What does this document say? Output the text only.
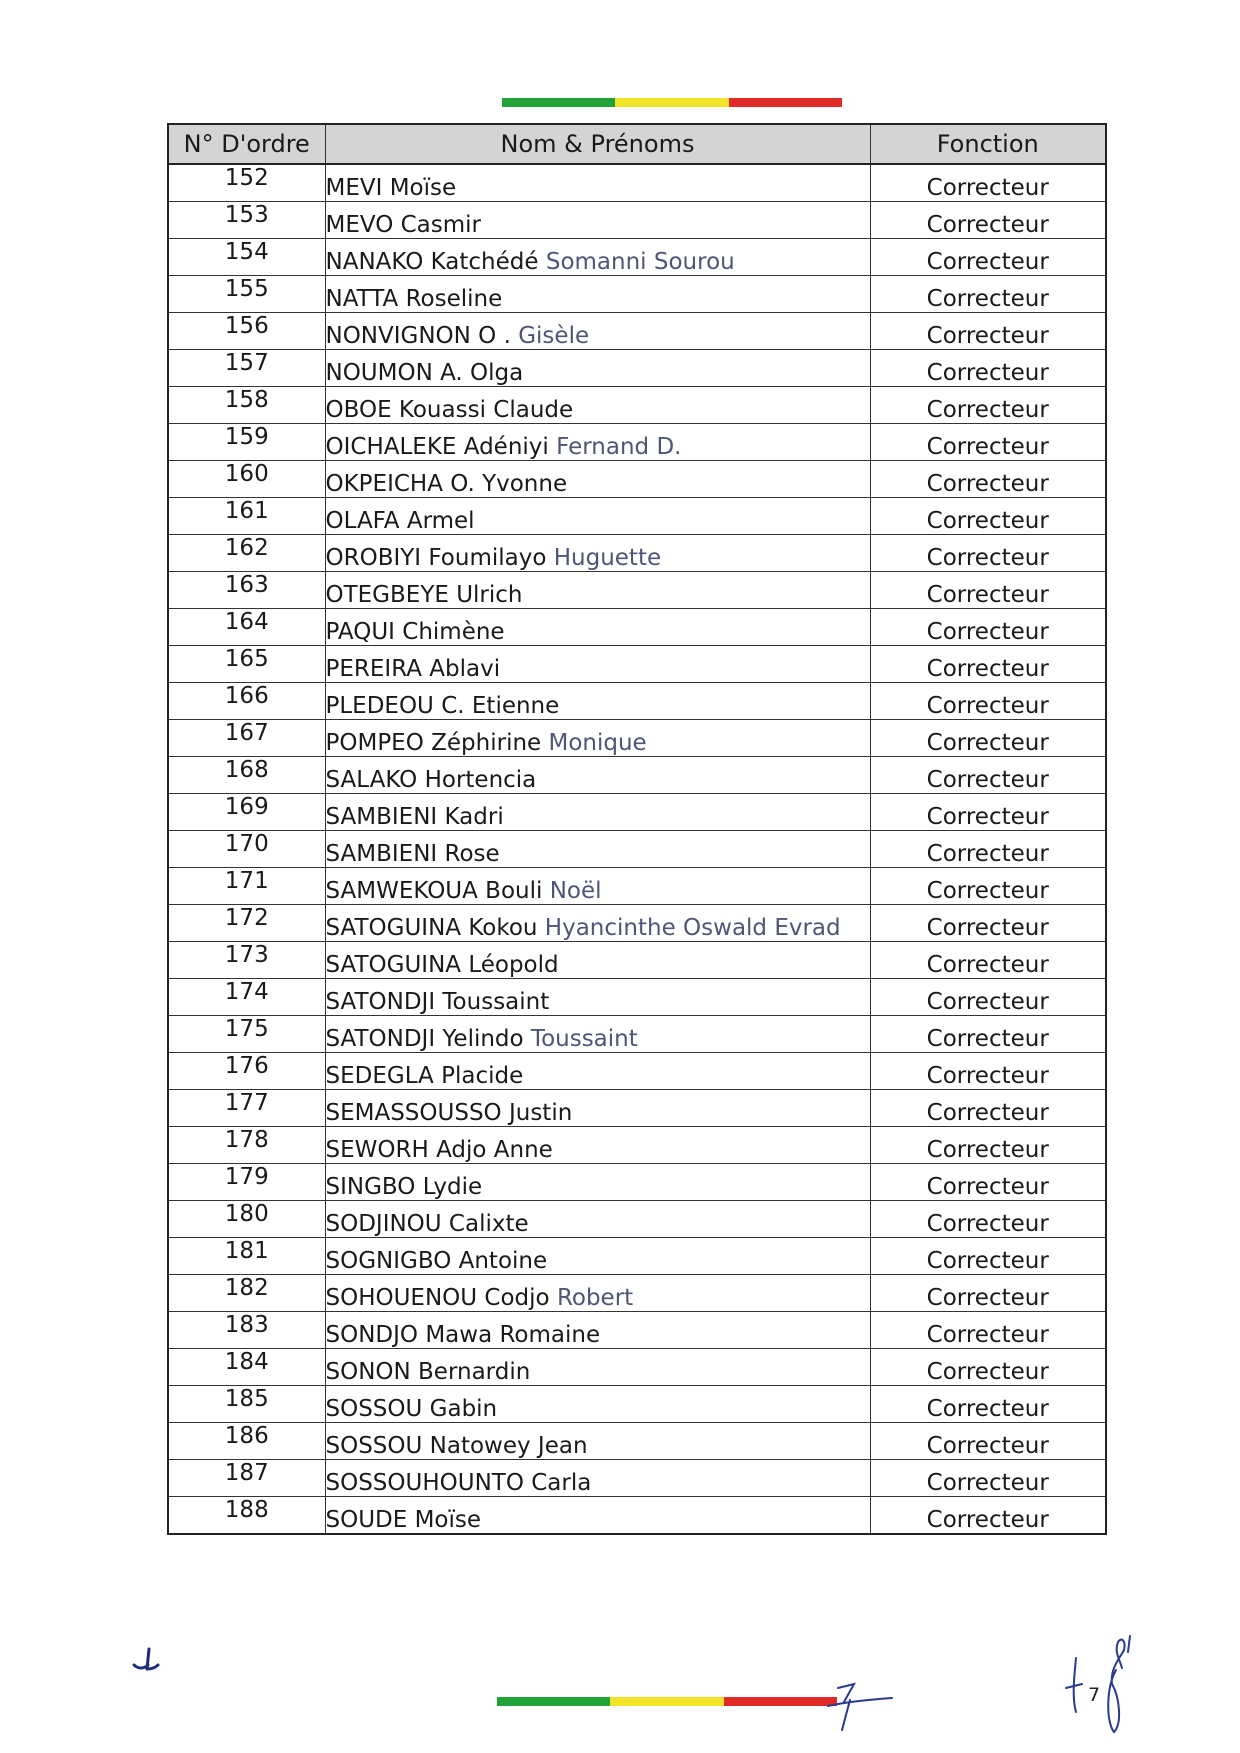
N° D'ordre	Nom & Prénoms	Fonction
152	MEVI Moïse	Correcteur
153	MEVO Casmir	Correcteur
154	NANAKO Katchédé Somanni Sourou	Correcteur
155	NATTA Roseline	Correcteur
156	NONVIGNON O . Gisèle	Correcteur
157	NOUMON A. Olga	Correcteur
158	OBOE Kouassi Claude	Correcteur
159	OICHALEKE Adéniyi Fernand D.	Correcteur
160	OKPEICHA O. Yvonne	Correcteur
161	OLAFA Armel	Correcteur
162	OROBIYI Foumilayo Huguette	Correcteur
163	OTEGBEYE Ulrich	Correcteur
164	PAQUI Chimène	Correcteur
165	PEREIRA Ablavi	Correcteur
166	PLEDEOU C. Etienne	Correcteur
167	POMPEO Zéphirine Monique	Correcteur
168	SALAKO Hortencia	Correcteur
169	SAMBIENI Kadri	Correcteur
170	SAMBIENI Rose	Correcteur
171	SAMWEKOUA Bouli Noël	Correcteur
172	SATOGUINA Kokou Hyancinthe Oswald Evrad	Correcteur
173	SATOGUINA Léopold	Correcteur
174	SATONDJI Toussaint	Correcteur
175	SATONDJI Yelindo Toussaint	Correcteur
176	SEDEGLA Placide	Correcteur
177	SEMASSOUSSO Justin	Correcteur
178	SEWORH Adjo Anne	Correcteur
179	SINGBO Lydie	Correcteur
180	SODJINOU Calixte	Correcteur
181	SOGNIGBO Antoine	Correcteur
182	SOHOUENOU Codjo Robert	Correcteur
183	SONDJO Mawa Romaine	Correcteur
184	SONON Bernardin	Correcteur
185	SOSSOU Gabin	Correcteur
186	SOSSOU Natowey Jean	Correcteur
187	SOSSOUHOUNTO Carla	Correcteur
188	SOUDE Moïse	Correcteur
7
